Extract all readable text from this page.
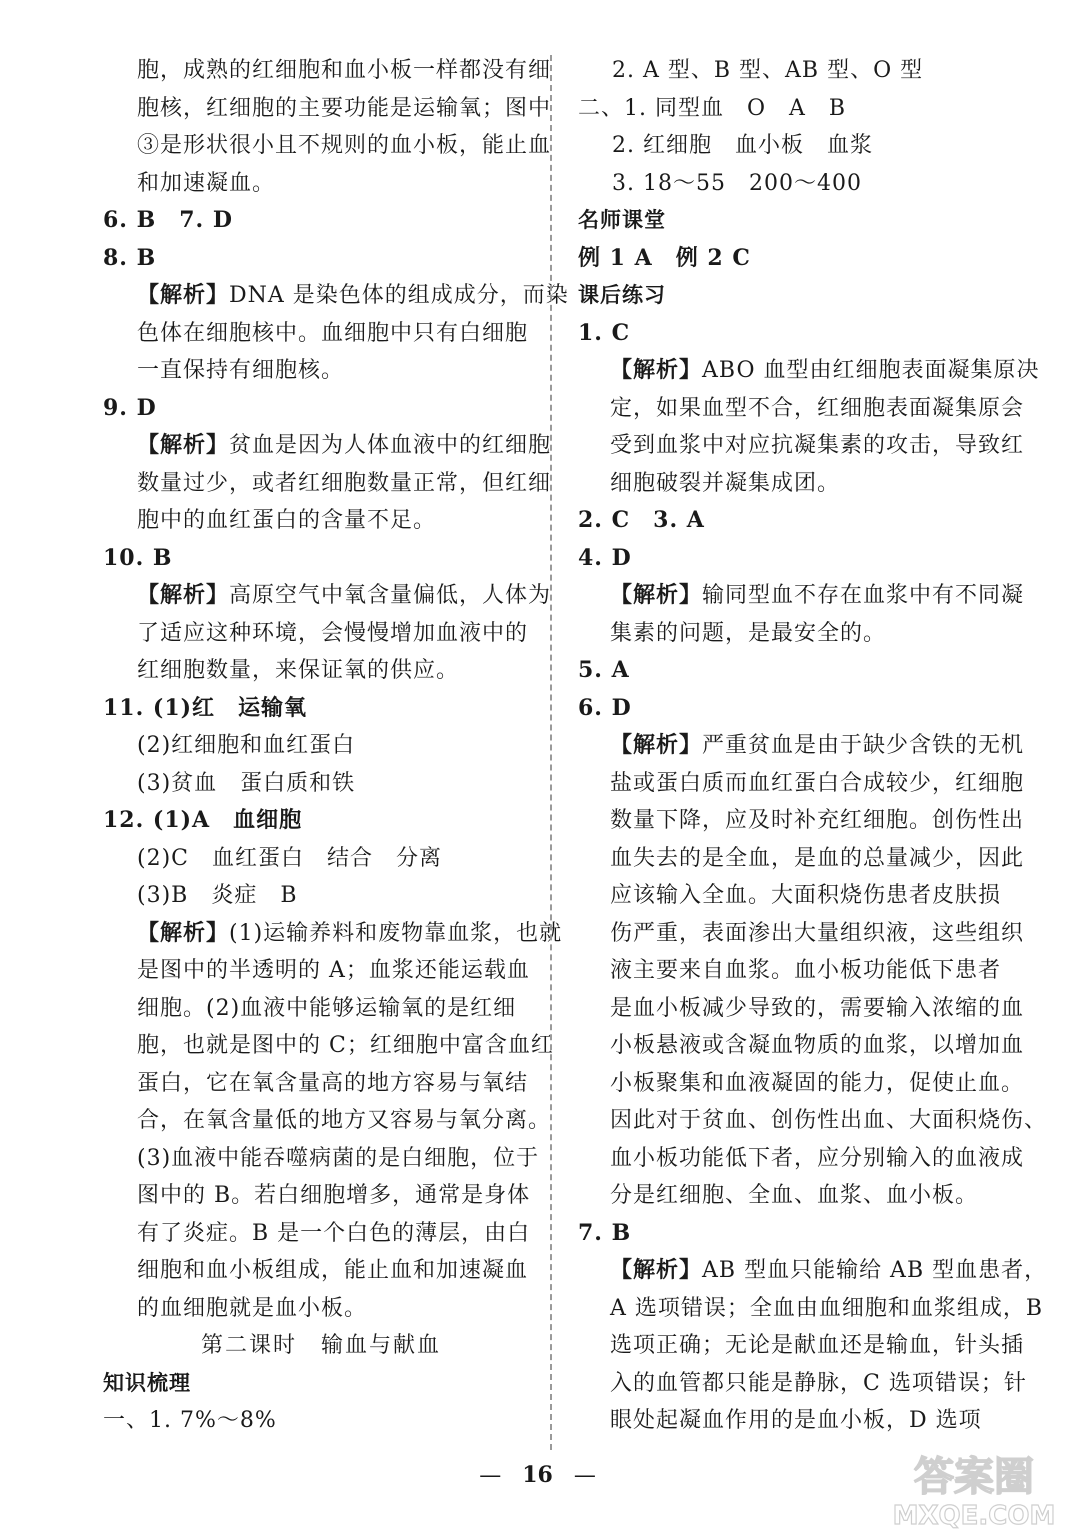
胞，成熟的红细胞和血小板一样都没有细
胞核，红细胞的主要功能是运输氧；图中
③是形状很小且不规则的血小板，能止血
和加速凝血。
6. B　7. D
8. B
【解析】DNA 是染色体的组成成分，而染
色体在细胞核中。血细胞中只有白细胞
一直保持有细胞核。
9. D
【解析】贫血是因为人体血液中的红细胞
数量过少，或者红细胞数量正常，但红细
胞中的血红蛋白的含量不足。
10. B
【解析】高原空气中氧含量偏低，人体为
了适应这种环境，会慢慢增加血液中的
红细胞数量，来保证氧的供应。
11. (1)红　运输氧
(2)红细胞和血红蛋白
(3)贫血　蛋白质和铁
12. (1)A　血细胞
(2)C　血红蛋白　结合　分离
(3)B　炎症　B
【解析】(1)运输养料和废物靠血浆，也就
是图中的半透明的 A；血浆还能运载血
细胞。(2)血液中能够运输氧的是红细
胞，也就是图中的 C；红细胞中富含血红
蛋白，它在氧含量高的地方容易与氧结
合，在氧含量低的地方又容易与氧分离。
(3)血液中能吞噬病菌的是白细胞，位于
图中的 B。若白细胞增多，通常是身体
有了炎症。B 是一个白色的薄层，由白
细胞和血小板组成，能止血和加速凝血
的血细胞就是血小板。
第二课时　输血与献血
知识梳理
一、1. 7%～8%
2. A 型、B 型、AB 型、O 型
二、1. 同型血　O　A　B
2. 红细胞　血小板　血浆
3. 18～55　200～400
名师课堂
例 1 A　例 2 C
课后练习
1. C
【解析】ABO 血型由红细胞表面凝集原决
定，如果血型不合，红细胞表面凝集原会
受到血浆中对应抗凝集素的攻击，导致红
细胞破裂并凝集成团。
2. C　3. A
4. D
【解析】输同型血不存在血浆中有不同凝
集素的问题，是最安全的。
5. A
6. D
【解析】严重贫血是由于缺少含铁的无机
盐或蛋白质而血红蛋白合成较少，红细胞
数量下降，应及时补充红细胞。创伤性出
血失去的是全血，是血的总量减少，因此
应该输入全血。大面积烧伤患者皮肤损
伤严重，表面渗出大量组织液，这些组织
液主要来自血浆。血小板功能低下患者
是血小板减少导致的，需要输入浓缩的血
小板悬液或含凝血物质的血浆，以增加血
小板聚集和血液凝固的能力，促使止血。
因此对于贫血、创伤性出血、大面积烧伤、
血小板功能低下者，应分别输入的血液成
分是红细胞、全血、血浆、血小板。
7. B
【解析】AB 型血只能输给 AB 型血患者，
A 选项错误；全血由血细胞和血浆组成，B
选项正确；无论是献血还是输血，针头插
入的血管都只能是静脉，C 选项错误；针
眼处起凝血作用的是血小板，D 选项
— 16 —	答案圈
MXQE.COM
